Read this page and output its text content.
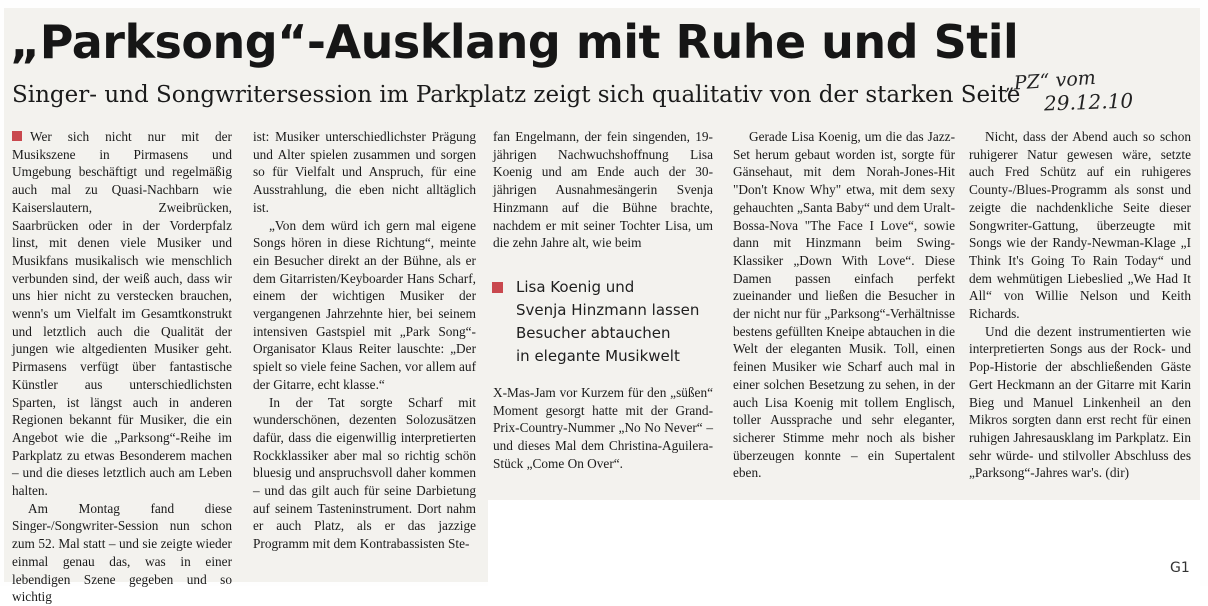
„Parksong“-Ausklang mit Ruhe und Stil
Singer- und Songwritersession im Parkplatz zeigt sich qualitativ von der starken Seite
„PZ“ vom
29.12.10

Wer sich nicht nur mit der Musikszene in Pirmasens und Umgebung beschäftigt und regelmäßig auch mal zu Quasi-Nachbarn wie Kaiserslautern, Zweibrücken, Saarbrücken oder in der Vorderpfalz linst, mit denen viele Musiker und Musikfans musikalisch wie menschlich verbunden sind, der weiß auch, dass wir uns hier nicht zu verstecken brauchen, wenn's um Vielfalt im Gesamtkonstrukt und letztlich auch die Qualität der jungen wie altgedienten Musiker geht. Pirmasens verfügt über fantastische Künstler aus unterschiedlichsten Sparten, ist längst auch in anderen Regionen bekannt für Musiker, die ein Angebot wie die „Parksong“-Reihe im Parkplatz zu etwas Besonderem machen – und die dieses letztlich auch am Leben halten.

Am Montag fand diese Singer-/Songwriter-Session nun schon zum 52. Mal statt – und sie zeigte wieder einmal genau das, was in einer lebendigen Szene gegeben und so wichtig

ist: Musiker unterschiedlichster Prägung und Alter spielen zusammen und sorgen so für Vielfalt und Anspruch, für eine Ausstrahlung, die eben nicht alltäglich ist.

„Von dem würd ich gern mal eigene Songs hören in diese Richtung“, meinte ein Besucher direkt an der Bühne, als er dem Gitarristen/Keyboarder Hans Scharf, einem der wichtigen Musiker der vergangenen Jahrzehnte hier, bei seinem intensiven Gastspiel mit „Park Song“-Organisator Klaus Reiter lauschte: „Der spielt so viele feine Sachen, vor allem auf der Gitarre, echt klasse.“

In der Tat sorgte Scharf mit wunderschönen, dezenten Solozusätzen dafür, dass die eigenwillig interpretierten Rockklassiker aber mal so richtig schön bluesig und anspruchsvoll daher kommen – und das gilt auch für seine Darbietung auf seinem Tasteninstrument. Dort nahm er auch Platz, als er das jazzige Programm mit dem Kontrabassisten Ste-

fan Engelmann, der fein singenden, 19-jährigen Nachwuchshoffnung Lisa Koenig und am Ende auch der 30-jährigen Ausnahmesängerin Svenja Hinzmann auf die Bühne brachte, nachdem er mit seiner Tochter Lisa, um die zehn Jahre alt, wie beim

Lisa Koenig und
Svenja Hinzmann lassen
Besucher abtauchen
in elegante Musikwelt

X-Mas-Jam vor Kurzem für den „süßen“ Moment gesorgt hatte mit der Grand-Prix-Country-Nummer „No No Never“ – und dieses Mal dem Christina-Aguilera-Stück „Come On Over“.

Gerade Lisa Koenig, um die das Jazz-Set herum gebaut worden ist, sorgte für Gänsehaut, mit dem Norah-Jones-Hit "Don't Know Why" etwa, mit dem sexy gehauchten „Santa Baby“ und dem Uralt-Bossa-Nova "The Face I Love“, sowie dann mit Hinzmann beim Swing-Klassiker „Down With Love“. Diese Damen passen einfach perfekt zueinander und ließen die Besucher in der nicht nur für „Parksong“-Verhältnisse bestens gefüllten Kneipe abtauchen in die Welt der eleganten Musik. Toll, einen feinen Musiker wie Scharf auch mal in einer solchen Besetzung zu sehen, in der auch Lisa Koenig mit tollem Englisch, toller Aussprache und sehr eleganter, sicherer Stimme mehr noch als bisher überzeugen konnte – ein Supertalent eben.

Nicht, dass der Abend auch so schon ruhigerer Natur gewesen wäre, setzte auch Fred Schütz auf ein ruhigeres County-/Blues-Programm als sonst und zeigte die nachdenkliche Seite dieser Songwriter-Gattung, überzeugte mit Songs wie der Randy-Newman-Klage „I Think It's Going To Rain Today“ und dem wehmütigen Liebeslied „We Had It All“ von Willie Nelson und Keith Richards.

Und die dezent instrumentierten wie interpretierten Songs aus der Rock- und Pop-Historie der abschließenden Gäste Gert Heckmann an der Gitarre mit Karin Bieg und Manuel Linkenheil an den Mikros sorgten dann erst recht für einen ruhigen Jahresausklang im Parkplatz. Ein sehr würde- und stilvoller Abschluss des „Parksong“-Jahres war's. (dir)

G1
